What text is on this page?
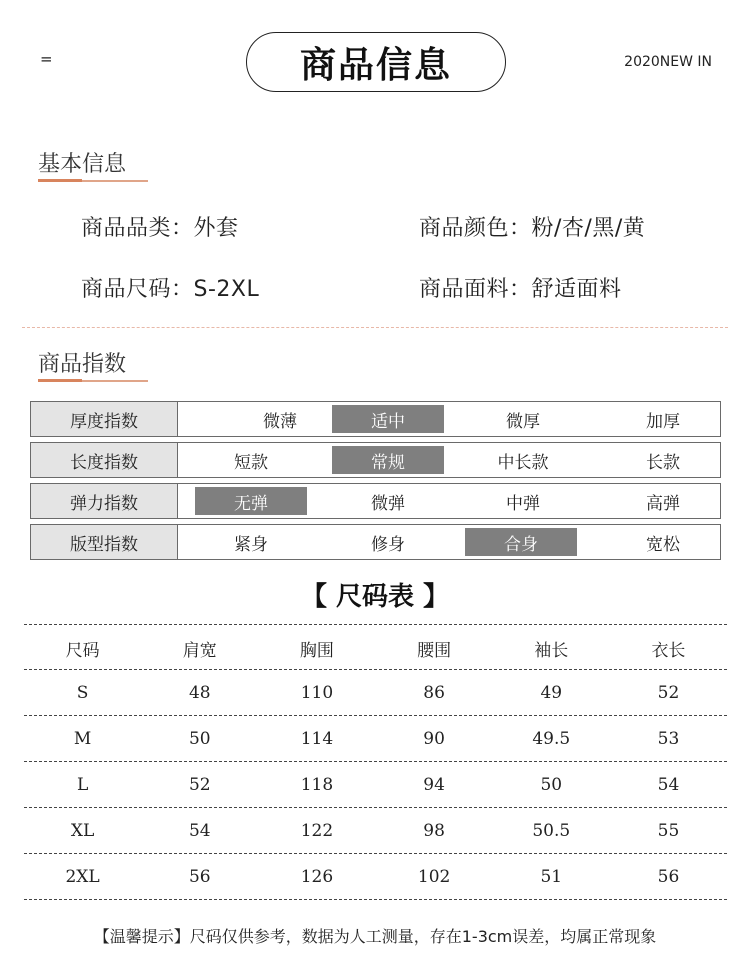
=	商品信息	2020NEW IN
基本信息
商品品类：外套	商品颜色：粉/杏/黑/黄
商品尺码：S-2XL	商品面料：舒适面料
商品指数
厚度指数	微薄	适中	微厚	加厚
长度指数	短款	常规	中长款	长款
弹力指数	无弹	微弹	中弹	高弹
版型指数	紧身	修身	合身	宽松
【 尺码表 】
尺码	肩宽	胸围	腰围	袖长	衣长
S	48	110	86	49	52
M	50	114	90	49.5	53
L	52	118	94	50	54
XL	54	122	98	50.5	55
2XL	56	126	102	51	56
【温馨提示】尺码仅供参考，数据为人工测量，存在1-3cm误差，均属正常现象
